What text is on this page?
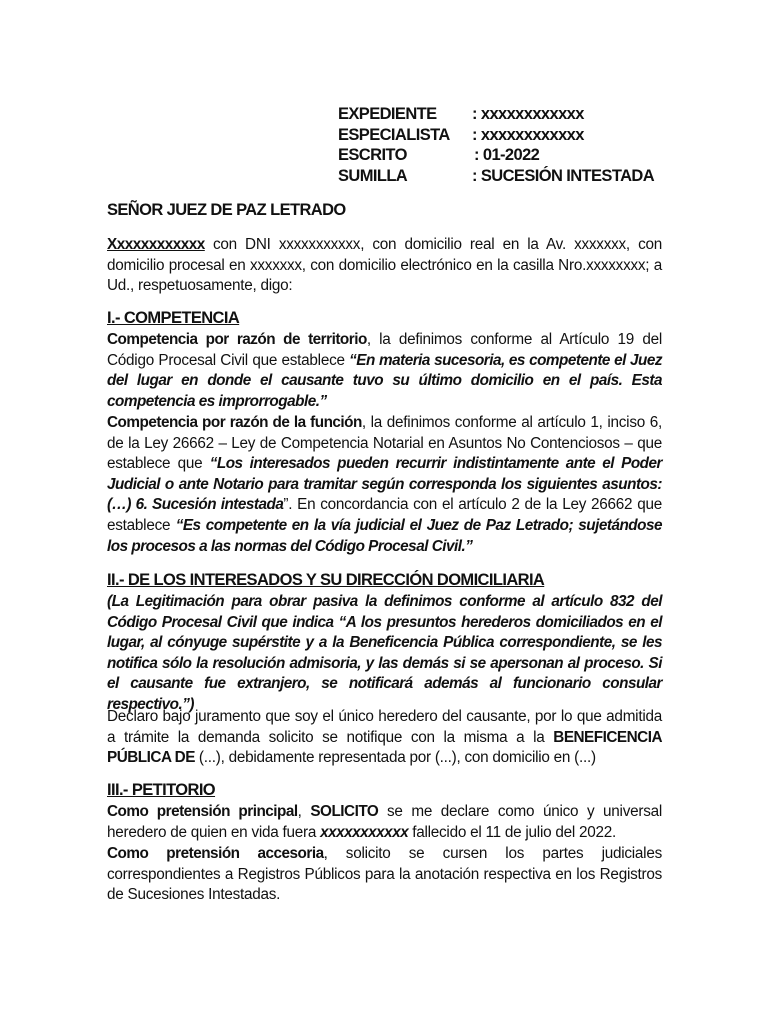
EXPEDIENTE	: xxxxxxxxxxxx
ESPECIALISTA	: xxxxxxxxxxxx
ESCRITO	: 01-2022
SUMILLA	: SUCESIÓN INTESTADA
SEÑOR JUEZ DE PAZ LETRADO
Xxxxxxxxxxxx con DNI xxxxxxxxxxx, con domicilio real en la Av. xxxxxxx, con domicilio procesal en xxxxxxx, con domicilio electrónico en la casilla Nro.xxxxxxxx; a Ud., respetuosamente, digo:
I.- COMPETENCIA
Competencia por razón de territorio, la definimos conforme al Artículo 19 del Código Procesal Civil que establece “En materia sucesoria, es competente el Juez del lugar en donde el causante tuvo su último domicilio en el país. Esta competencia es improrrogable.”
Competencia por razón de la función, la definimos conforme al artículo 1, inciso 6, de la Ley 26662 – Ley de Competencia Notarial en Asuntos No Contenciosos – que establece que “Los interesados pueden recurrir indistintamente ante el Poder Judicial o ante Notario para tramitar según corresponda los siguientes asuntos: (…) 6. Sucesión intestada”. En concordancia con el artículo 2 de la Ley 26662 que establece “Es competente en la vía judicial el Juez de Paz Letrado; sujetándose los procesos a las normas del Código Procesal Civil.”
II.- DE LOS INTERESADOS Y SU DIRECCIÓN DOMICILIARIA
(La Legitimación para obrar pasiva la definimos conforme al artículo 832 del Código Procesal Civil que indica “A los presuntos herederos domiciliados en el lugar, al cónyuge supérstite y a la Beneficencia Pública correspondiente, se les notifica sólo la resolución admisoria, y las demás si se apersonan al proceso. Si el causante fue extranjero, se notificará además al funcionario consular respectivo.”)
Declaro bajo juramento que soy el único heredero del causante, por lo que admitida a trámite la demanda solicito se notifique con la misma a la BENEFICENCIA PÚBLICA DE (...), debidamente representada por (...), con domicilio en (...)
III.- PETITORIO
Como pretensión principal, SOLICITO se me declare como único y universal heredero de quien en vida fuera xxxxxxxxxxx fallecido el 11 de julio del 2022.
Como pretensión accesoria, solicito se cursen los partes judiciales correspondientes a Registros Públicos para la anotación respectiva en los Registros de Sucesiones Intestadas.
